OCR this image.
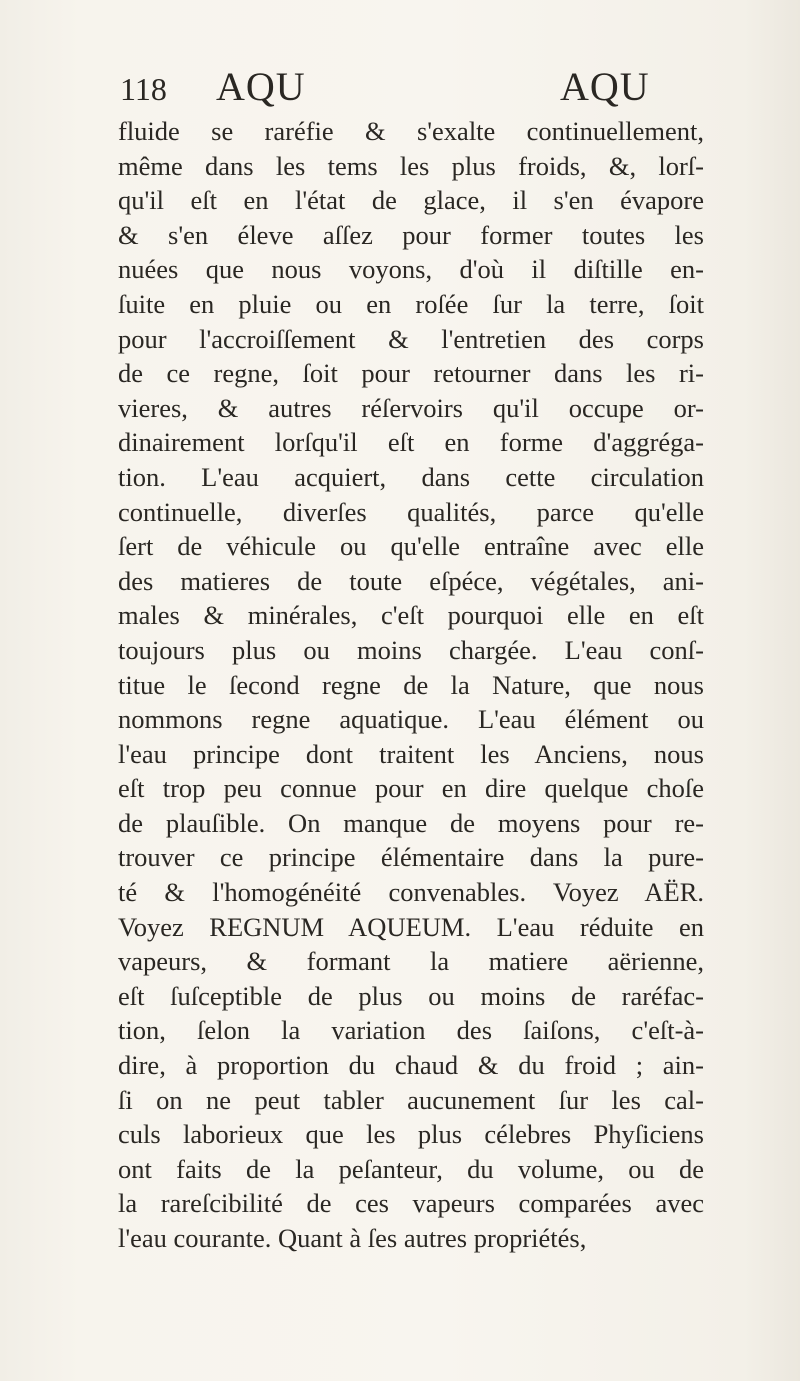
118 AQU	AQU
fluide se raréfie & s'exalte continuellement,
même dans les tems les plus froids, &, lorſ-
qu'il eſt en l'état de glace, il s'en évapore
& s'en éleve aſſez pour former toutes les
nuées que nous voyons, d'où il diſtille en-
ſuite en pluie ou en roſée ſur la terre, ſoit
pour l'accroiſſement & l'entretien des corps
de ce regne, ſoit pour retourner dans les ri-
vieres, & autres réſervoirs qu'il occupe or-
dinairement lorſqu'il eſt en forme d'aggréga-
tion. L'eau acquiert, dans cette circulation
continuelle, diverſes qualités, parce qu'elle
ſert de véhicule ou qu'elle entraîne avec elle
des matieres de toute eſpéce, végétales, ani-
males & minérales, c'eſt pourquoi elle en eſt
toujours plus ou moins chargée. L'eau conſ-
titue le ſecond regne de la Nature, que nous
nommons regne aquatique. L'eau élément ou
l'eau principe dont traitent les Anciens, nous
eſt trop peu connue pour en dire quelque choſe
de plauſible. On manque de moyens pour re-
trouver ce principe élémentaire dans la pure-
té & l'homogénéité convenables. Voyez AËR.
Voyez REGNUM AQUEUM. L'eau réduite en
vapeurs, & formant la matiere aërienne,
eſt ſuſceptible de plus ou moins de raréfac-
tion, ſelon la variation des ſaiſons, c'eſt-à-
dire, à proportion du chaud & du froid ; ain-
ſi on ne peut tabler aucunement ſur les cal-
culs laborieux que les plus célebres Phyſiciens
ont faits de la peſanteur, du volume, ou de
la rareſcibilité de ces vapeurs comparées avec
l'eau courante. Quant à ſes autres propriétés,
